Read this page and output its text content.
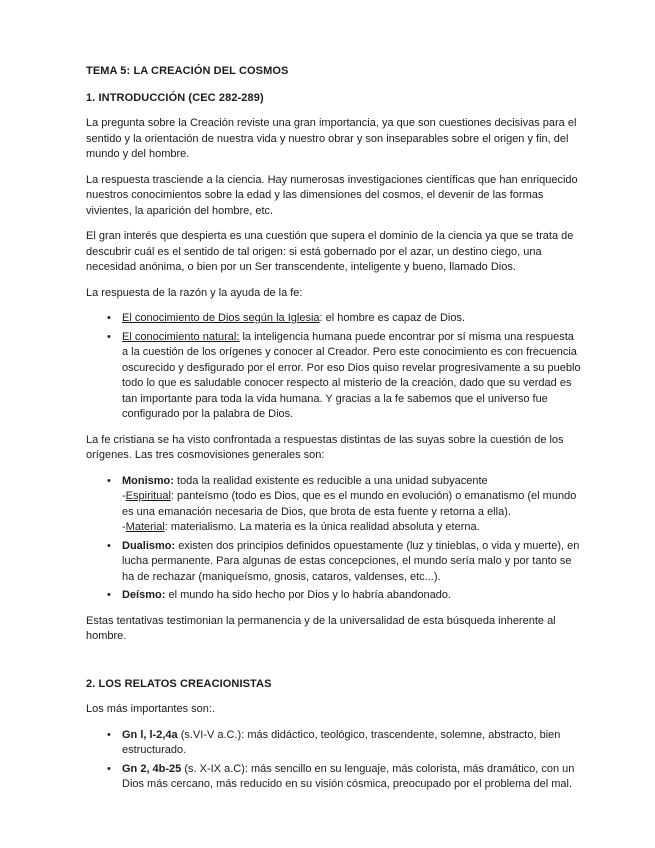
TEMA 5: LA CREACIÓN DEL COSMOS
1. INTRODUCCIÓN (CEC 282-289)

La pregunta sobre la Creación reviste una gran importancia, ya que son cuestiones decisivas para el sentido y la orientación de nuestra vida y nuestro obrar y son inseparables sobre el origen y fin, del mundo y del hombre.

La respuesta trasciende a la ciencia. Hay numerosas investigaciones científicas que han enriquecido nuestros conocimientos sobre la edad y las dimensiones del cosmos, el devenir de las formas vivientes, la aparición del hombre, etc.

El gran interés que despierta es una cuestión que supera el dominio de la ciencia ya que se trata de descubrir cuál es el sentido de tal origen: si está gobernado por el azar, un destino ciego, una necesidad anónima, o bien por un Ser transcendente, inteligente y bueno, llamado Dios.

La respuesta de la razón y la ayuda de la fe:

• El conocimiento de Dios según la Iglesia: el hombre es capaz de Dios.
• El conocimiento natural: la inteligencia humana puede encontrar por sí misma una respuesta a la cuestión de los orígenes y conocer al Creador. Pero este conocimiento es con frecuencia oscurecido y desfigurado por el error. Por eso Dios quiso revelar progresivamente a su pueblo todo lo que es saludable conocer respecto al misterio de la creación, dado que su verdad es tan importante para toda la vida humana. Y gracias a la fe sabemos que el universo fue configurado por la palabra de Dios.

La fe cristiana se ha visto confrontada a respuestas distintas de las suyas sobre la cuestión de los orígenes. Las tres cosmovisiones generales son:

• Monismo: toda la realidad existente es reducible a una unidad subyacente
-Espiritual: panteísmo (todo es Dios, que es el mundo en evolución) o emanatismo (el mundo es una emanación necesaria de Dios, que brota de esta fuente y retorna a ella).
-Material: materialismo. La materia es la única realidad absoluta y eterna.
• Dualismo: existen dos principios definidos opuestamente (luz y tinieblas, o vida y muerte), en lucha permanente. Para algunas de estas concepciones, el mundo sería malo y por tanto se ha de rechazar (maniqueísmo, gnosis, cataros, valdenses, etc...).
• Deísmo: el mundo ha sido hecho por Dios y lo habría abandonado.

Estas tentativas testimonian la permanencia y de la universalidad de esta búsqueda inherente al hombre.

2. LOS RELATOS CREACIONISTAS

Los más importantes son:.

• Gn l, l-2,4a (s.VI-V a.C.): más didáctico, teológico, trascendente, solemne, abstracto, bien estructurado.
• Gn 2, 4b-25 (s. X-IX a.C): más sencillo en su lenguaje, más colorista, más dramático, con un Dios más cercano, más reducido en su visión cósmica, preocupado por el problema del mal.
